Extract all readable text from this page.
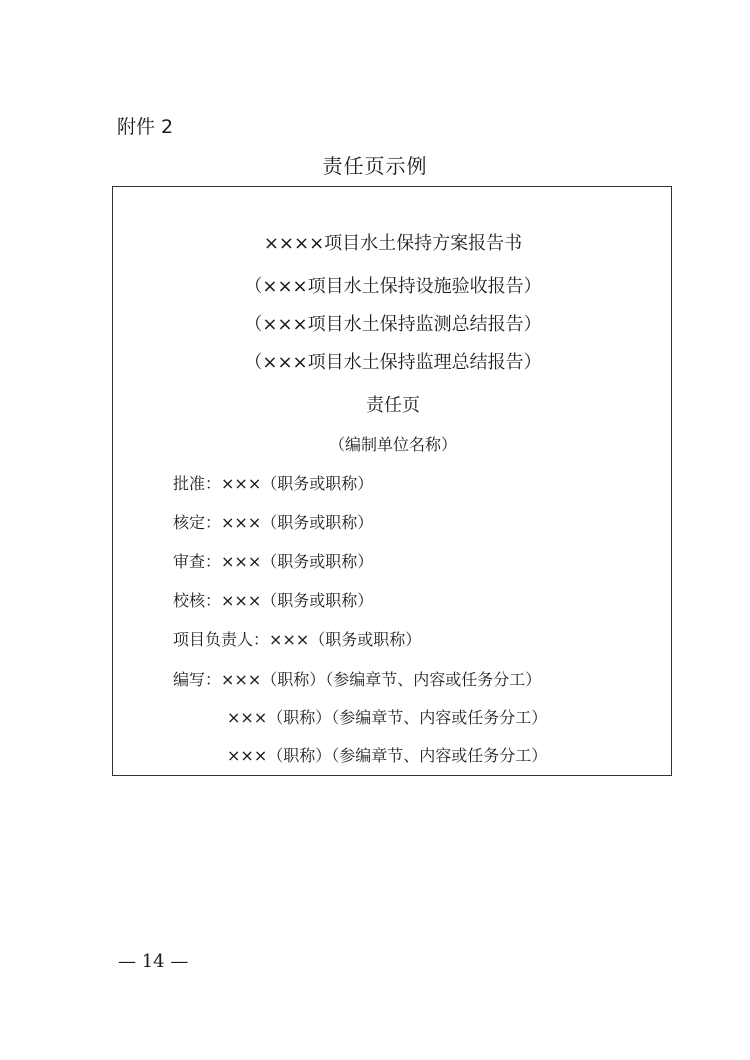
附件 2
责任页示例
××××项目水土保持方案报告书
（×××项目水土保持设施验收报告）
（×××项目水土保持监测总结报告）
（×××项目水土保持监理总结报告）
责任页
（编制单位名称）
批准：×××（职务或职称）
核定：×××（职务或职称）
审查：×××（职务或职称）
校核：×××（职务或职称）
项目负责人：×××（职务或职称）
编写：×××（职称）（参编章节、内容或任务分工）
×××（职称）（参编章节、内容或任务分工）
×××（职称）（参编章节、内容或任务分工）
— 14 —
